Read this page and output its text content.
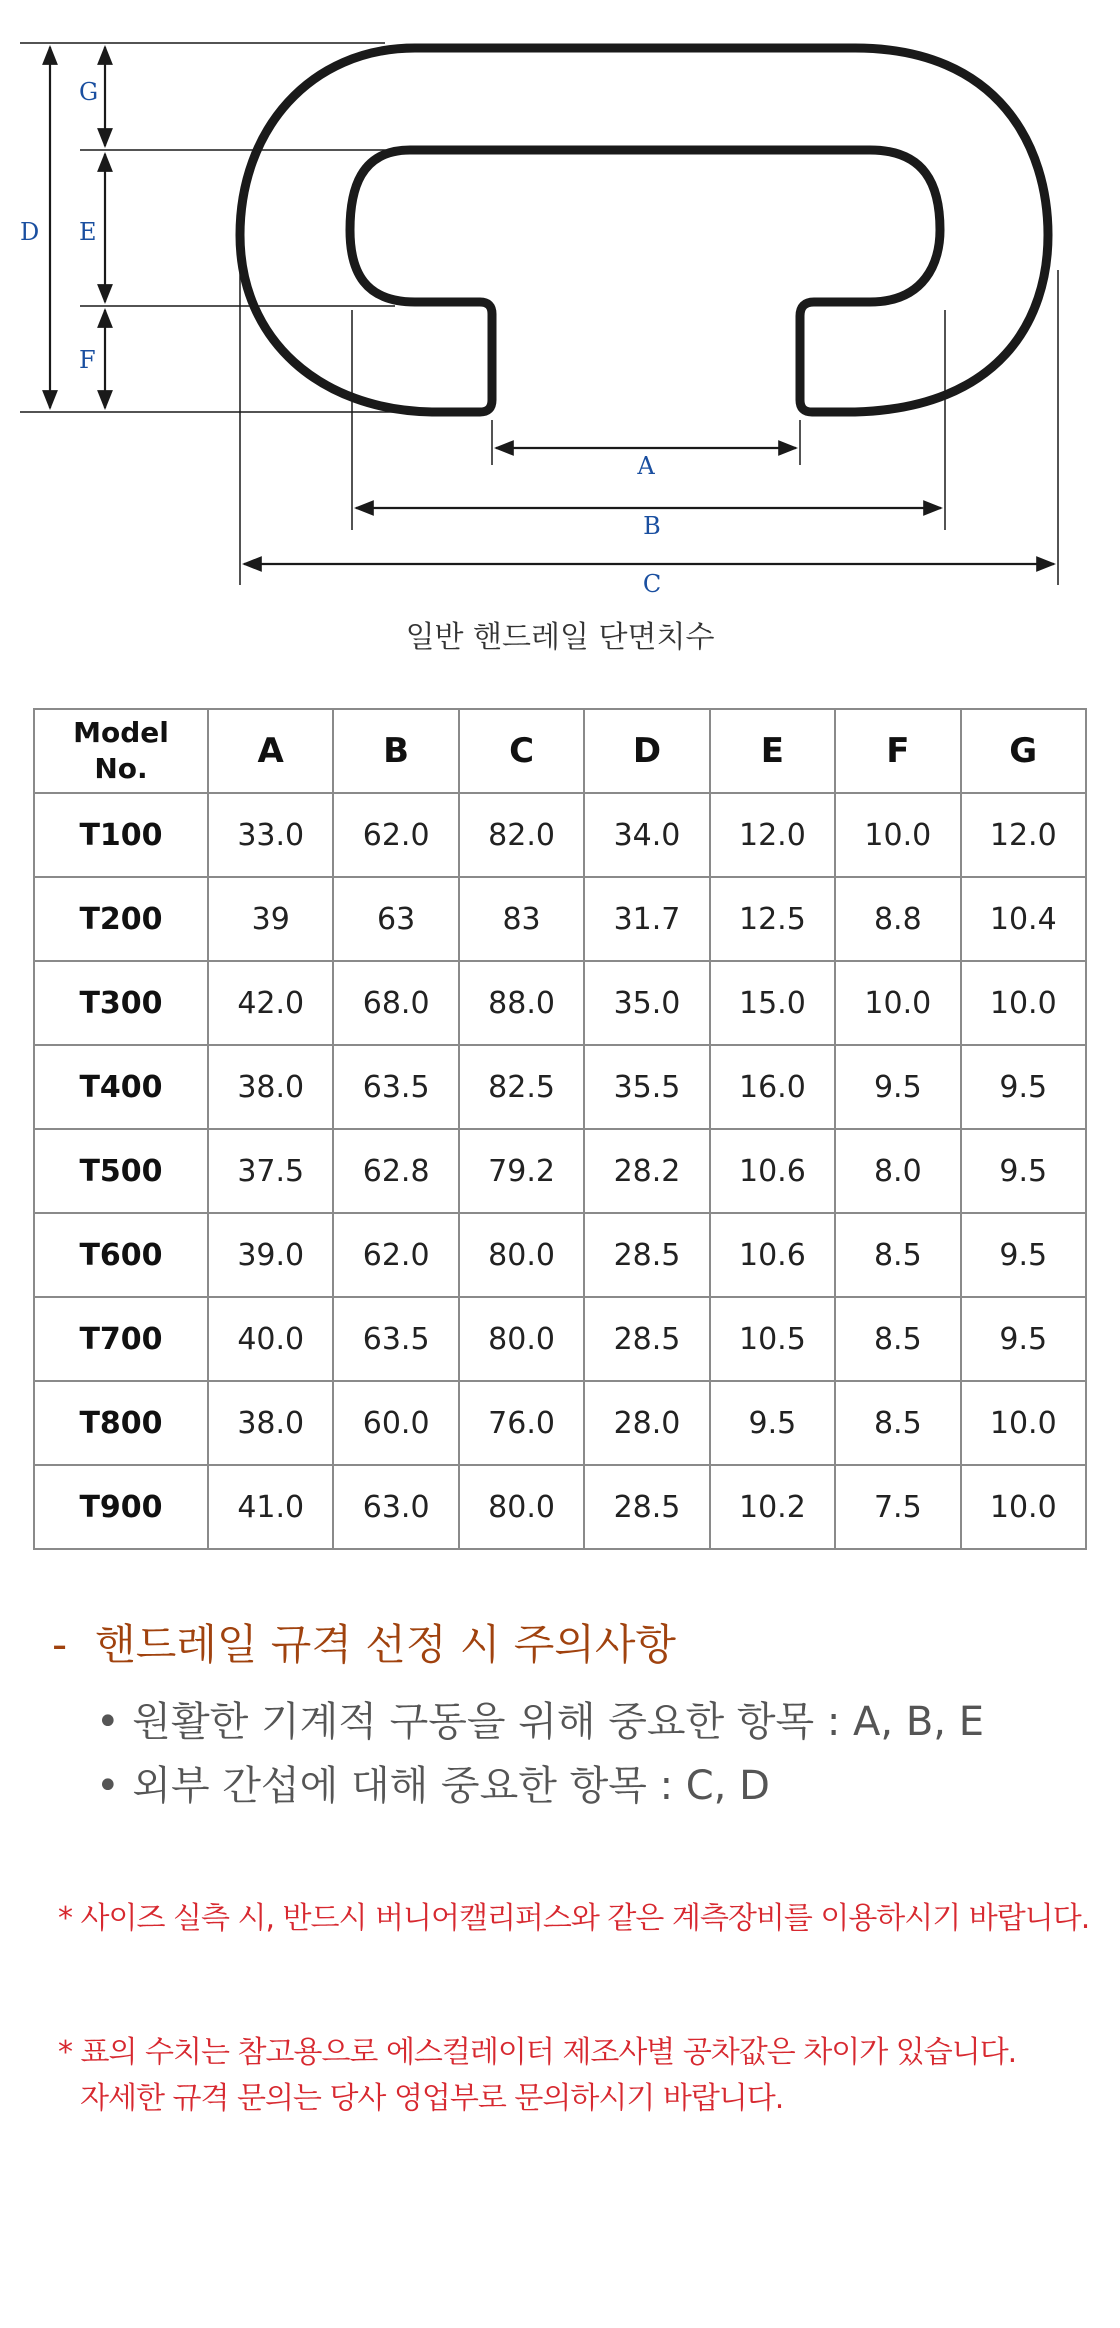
D
G
E
F
A
B
C
일반 핸드레일 단면치수
Model
No.	A	B	C	D	E	F	G
T100	33.0	62.0	82.0	34.0	12.0	10.0	12.0
T200	39	63	83	31.7	12.5	8.8	10.4
T300	42.0	68.0	88.0	35.0	15.0	10.0	10.0
T400	38.0	63.5	82.5	35.5	16.0	9.5	9.5
T500	37.5	62.8	79.2	28.2	10.6	8.0	9.5
T600	39.0	62.0	80.0	28.5	10.6	8.5	9.5
T700	40.0	63.5	80.0	28.5	10.5	8.5	9.5
T800	38.0	60.0	76.0	28.0	9.5	8.5	10.0
T900	41.0	63.0	80.0	28.5	10.2	7.5	10.0
- 핸드레일 규격 선정 시 주의사항
• 원활한 기계적 구동을 위해 중요한 항목 : A, B, E
• 외부 간섭에 대해 중요한 항목 : C, D
* 사이즈 실측 시, 반드시 버니어캘리퍼스와 같은 계측장비를 이용하시기 바랍니다.
* 표의 수치는 참고용으로 에스컬레이터 제조사별 공차값은 차이가 있습니다.
자세한 규격 문의는 당사 영업부로 문의하시기 바랍니다.
